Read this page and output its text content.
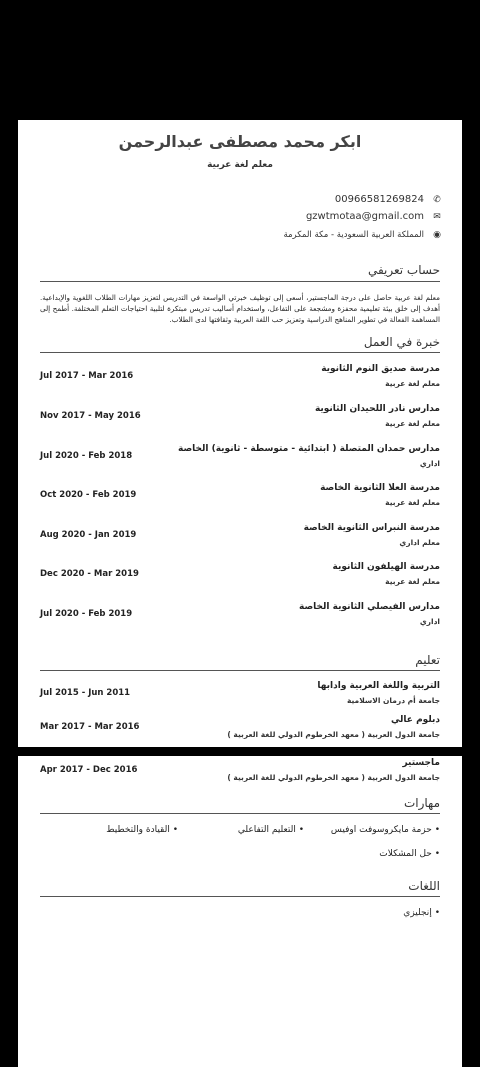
ابكر محمد مصطفى عبدالرحمن
معلم لغة عربية
00966581269824 ✆
gzwtmotaa@gmail.com ✉
◉
المملكة العربية السعودية - مكة المكرمة
حساب تعريفي
معلم لغة عربية حاصل على درجة الماجستير، أسعى إلى توظيف خبرتي الواسعة في التدريس لتعزيز مهارات الطلاب اللغوية والإبداعية. أهدف إلى خلق بيئة تعليمية محفزة ومشجعة على التفاعل، واستخدام أساليب تدريس مبتكرة لتلبية احتياجات التعلم المختلفة. أطمح إلى المساهمة الفعالة في تطوير المناهج الدراسية وتعزيز حب اللغة العربية وثقافتها لدى الطلاب.
خبرة في العمل
مدرسة صديق النوم الثانوية
معلم لغة عربية
Jul 2017 - Mar 2016
مدارس نادر اللحيدان الثانوية
معلم لغة عربية
Nov 2017 - May 2016
مدارس حمدان المتصلة ( ابتدائية - متوسطة - ثانوية) الخاصة
اداري
Jul 2020 - Feb 2018
مدرسة العلا الثانوية الخاصة
معلم لغة عربية
Oct 2020 - Feb 2019
مدرسة النبراس الثانوية الخاصة
معلم اداري
Aug 2020 - Jan 2019
مدرسة الهيلفون الثانوية
معلم لغة عربية
Dec 2020 - Mar 2019
مدارس الفيصلي الثانوية الخاصة
اداري
Jul 2020 - Feb 2019
تعليم
التربية واللغة العربية وادابها
جامعة أم درمان الاسلامية
Jul 2015 - Jun 2011
دبلوم عالي
جامعة الدول العربية ( معهد الخرطوم الدولي للغة العربية )
Mar 2017 - Mar 2016
ماجستير
جامعة الدول العربية ( معهد الخرطوم الدولي للغة العربية )
Apr 2017 - Dec 2016
مهارات
• حزمة مايكروسوفت اوفيس
• التعليم التفاعلي
• القيادة والتخطيط
• حل المشكلات
اللغات
• إنجليزي
